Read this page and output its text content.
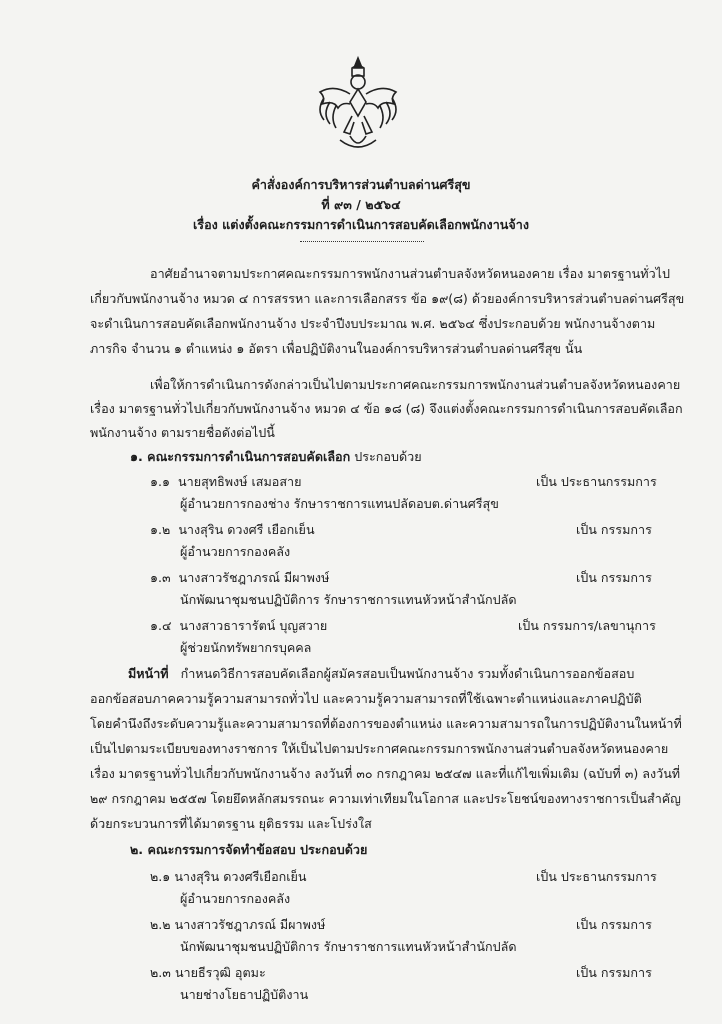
คำสั่งองค์การบริหารส่วนตำบลด่านศรีสุข
ที่ ๙๓ / ๒๕๖๔
เรื่อง แต่งตั้งคณะกรรมการดำเนินการสอบคัดเลือกพนักงานจ้าง
อาศัยอำนาจตามประกาศคณะกรรมการพนักงานส่วนตำบลจังหวัดหนองคาย เรื่อง มาตรฐานทั่วไป
เกี่ยวกับพนักงานจ้าง หมวด ๔ การสรรหา และการเลือกสรร ข้อ ๑๙(๘) ด้วยองค์การบริหารส่วนตำบลด่านศรีสุข
จะดำเนินการสอบคัดเลือกพนักงานจ้าง ประจำปีงบประมาณ พ.ศ. ๒๕๖๔ ซึ่งประกอบด้วย พนักงานจ้างตาม
ภารกิจ จำนวน ๑ ตำแหน่ง ๑ อัตรา เพื่อปฏิบัติงานในองค์การบริหารส่วนตำบลด่านศรีสุข นั้น
เพื่อให้การดำเนินการดังกล่าวเป็นไปตามประกาศคณะกรรมการพนักงานส่วนตำบลจังหวัดหนองคาย
เรื่อง มาตรฐานทั่วไปเกี่ยวกับพนักงานจ้าง หมวด ๔ ข้อ ๑๘ (๘) จึงแต่งตั้งคณะกรรมการดำเนินการสอบคัดเลือก
พนักงานจ้าง ตามรายชื่อดังต่อไปนี้
๑. คณะกรรมการดำเนินการสอบคัดเลือก ประกอบด้วย
๑.๑ นายสุทธิพงษ์ เสมอสาย	เป็น ประธานกรรมการ
ผู้อำนวยการกองช่าง รักษาราชการแทนปลัดอบต.ด่านศรีสุข
๑.๒ นางสุริน ดวงศรี เยือกเย็น	เป็น กรรมการ
ผู้อำนวยการกองคลัง
๑.๓ นางสาวรัชฎาภรณ์ มีผาพงษ์	เป็น กรรมการ
นักพัฒนาชุมชนปฏิบัติการ รักษาราชการแทนหัวหน้าสำนักปลัด
๑.๔ นางสาวธารารัตน์ บุญสวาย	เป็น กรรมการ/เลขานุการ
ผู้ช่วยนักทรัพยากรบุคคล
มีหน้าที่ กำหนดวิธีการสอบคัดเลือกผู้สมัครสอบเป็นพนักงานจ้าง รวมทั้งดำเนินการออกข้อสอบ
ออกข้อสอบภาคความรู้ความสามารถทั่วไป และความรู้ความสามารถที่ใช้เฉพาะตำแหน่งและภาคปฏิบัติ
โดยคำนึงถึงระดับความรู้และความสามารถที่ต้องการของตำแหน่ง และความสามารถในการปฏิบัติงานในหน้าที่
เป็นไปตามระเบียบของทางราชการ ให้เป็นไปตามประกาศคณะกรรมการพนักงานส่วนตำบลจังหวัดหนองคาย
เรื่อง มาตรฐานทั่วไปเกี่ยวกับพนักงานจ้าง ลงวันที่ ๓๐ กรกฎาคม ๒๕๔๗ และที่แก้ไขเพิ่มเติม (ฉบับที่ ๓) ลงวันที่
๒๙ กรกฎาคม ๒๕๕๗ โดยยึดหลักสมรรถนะ ความเท่าเทียมในโอกาส และประโยชน์ของทางราชการเป็นสำคัญ
ด้วยกระบวนการที่ได้มาตรฐาน ยุติธรรม และโปร่งใส
๒. คณะกรรมการจัดทำข้อสอบ ประกอบด้วย
๒.๑ นางสุริน ดวงศรีเยือกเย็น	เป็น ประธานกรรมการ
ผู้อำนวยการกองคลัง
๒.๒ นางสาวรัชฎาภรณ์ มีผาพงษ์	เป็น กรรมการ
นักพัฒนาชุมชนปฏิบัติการ รักษาราชการแทนหัวหน้าสำนักปลัด
๒.๓ นายธีรวุฒิ อุตมะ	เป็น กรรมการ
นายช่างโยธาปฏิบัติงาน
